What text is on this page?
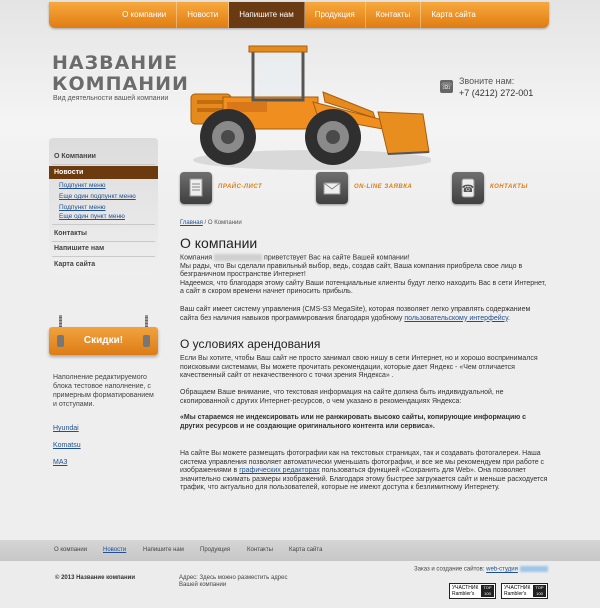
О компании	Новости	Напишите нам	Продукция	Контакты	Карта сайта
НАЗВАНИЕ
КОМПАНИИ
Вид деятельности вашей компании
☏ Звоните нам:
+7 (4212) 272-001
О Компании
Новости
Подпункт меню
Еще один подпункт меню
Подпункт меню
Еще один пункт меню
Контакты
Напишите нам
Карта сайта
Скидки!
Наполнение редактируемого блока тестовое наполнение, с примерным форматированием и отступами.
Hyundai
Komatsu
MA3
ПРАЙС-ЛИСТ	ON-LINE ЗАЯВКА	☎	КОНТАКТЫ
Главная / О Компании
О компании
Компания	приветствует Вас на сайте Вашей компании!
Мы рады, что Вы сделали правильный выбор, ведь, создав сайт, Ваша компания приобрела свое лицо в безграничном пространстве Интернет!
Надеемся, что благодаря этому сайту Ваши потенциальные клиенты будут легко находить Вас в сети Интернет, а сайт в скором времени начнет приносить прибыль.
Ваш сайт имеет систему управления (CMS-S3 MegaSite), которая позволяет легко управлять содержанием сайта без наличия навыков программирования благодаря удобному пользовательскому интерфейсу.
О условиях арендования
Если Вы хотите, чтобы Ваш сайт не просто занимал свою нишу в сети Интернет, но и хорошо воспринимался поисковыми системами, Вы можете прочитать рекомендации, которые дает Яндекс - «Чем отличается качественный сайт от некачественного с точки зрения Яндекса» .
Обращаем Ваше внимание, что текстовая информация на сайте должна быть индивидуальной, не скопированной с других Интернет-ресурсов, о чем указано в рекомендациях Яндекса:
«Мы стараемся не индексировать или не ранжировать высоко сайты, копирующие информацию с других ресурсов и не создающие оригинального контента или сервиса».
На сайте Вы можете размещать фотографии как на текстовых страницах, так и создавать фотогалереи. Наша система управления позволяет автоматически уменьшать фотографии, и все же мы рекомендуем при работе с изображениями в графических редакторах пользоваться функцией «Сохранить для Web». Она позволяет значительно сжимать размеры изображений. Благодаря этому быстрее загружается сайт и меньше расходуется трафик, что актуально для пользователей, которые не имеют доступа к безлимитному Интернету.
О компании	Новости	Напишите нам	Продукция	Контакты	Карта сайта
© 2013 Название компании	Адрес: Здесь можно разместить адрес Вашей компании
Заказ и создание сайтов: web-студия
УЧАСТНИК
Rambler's
TOP 100
УЧАСТНИК
Rambler's
TOP 100
